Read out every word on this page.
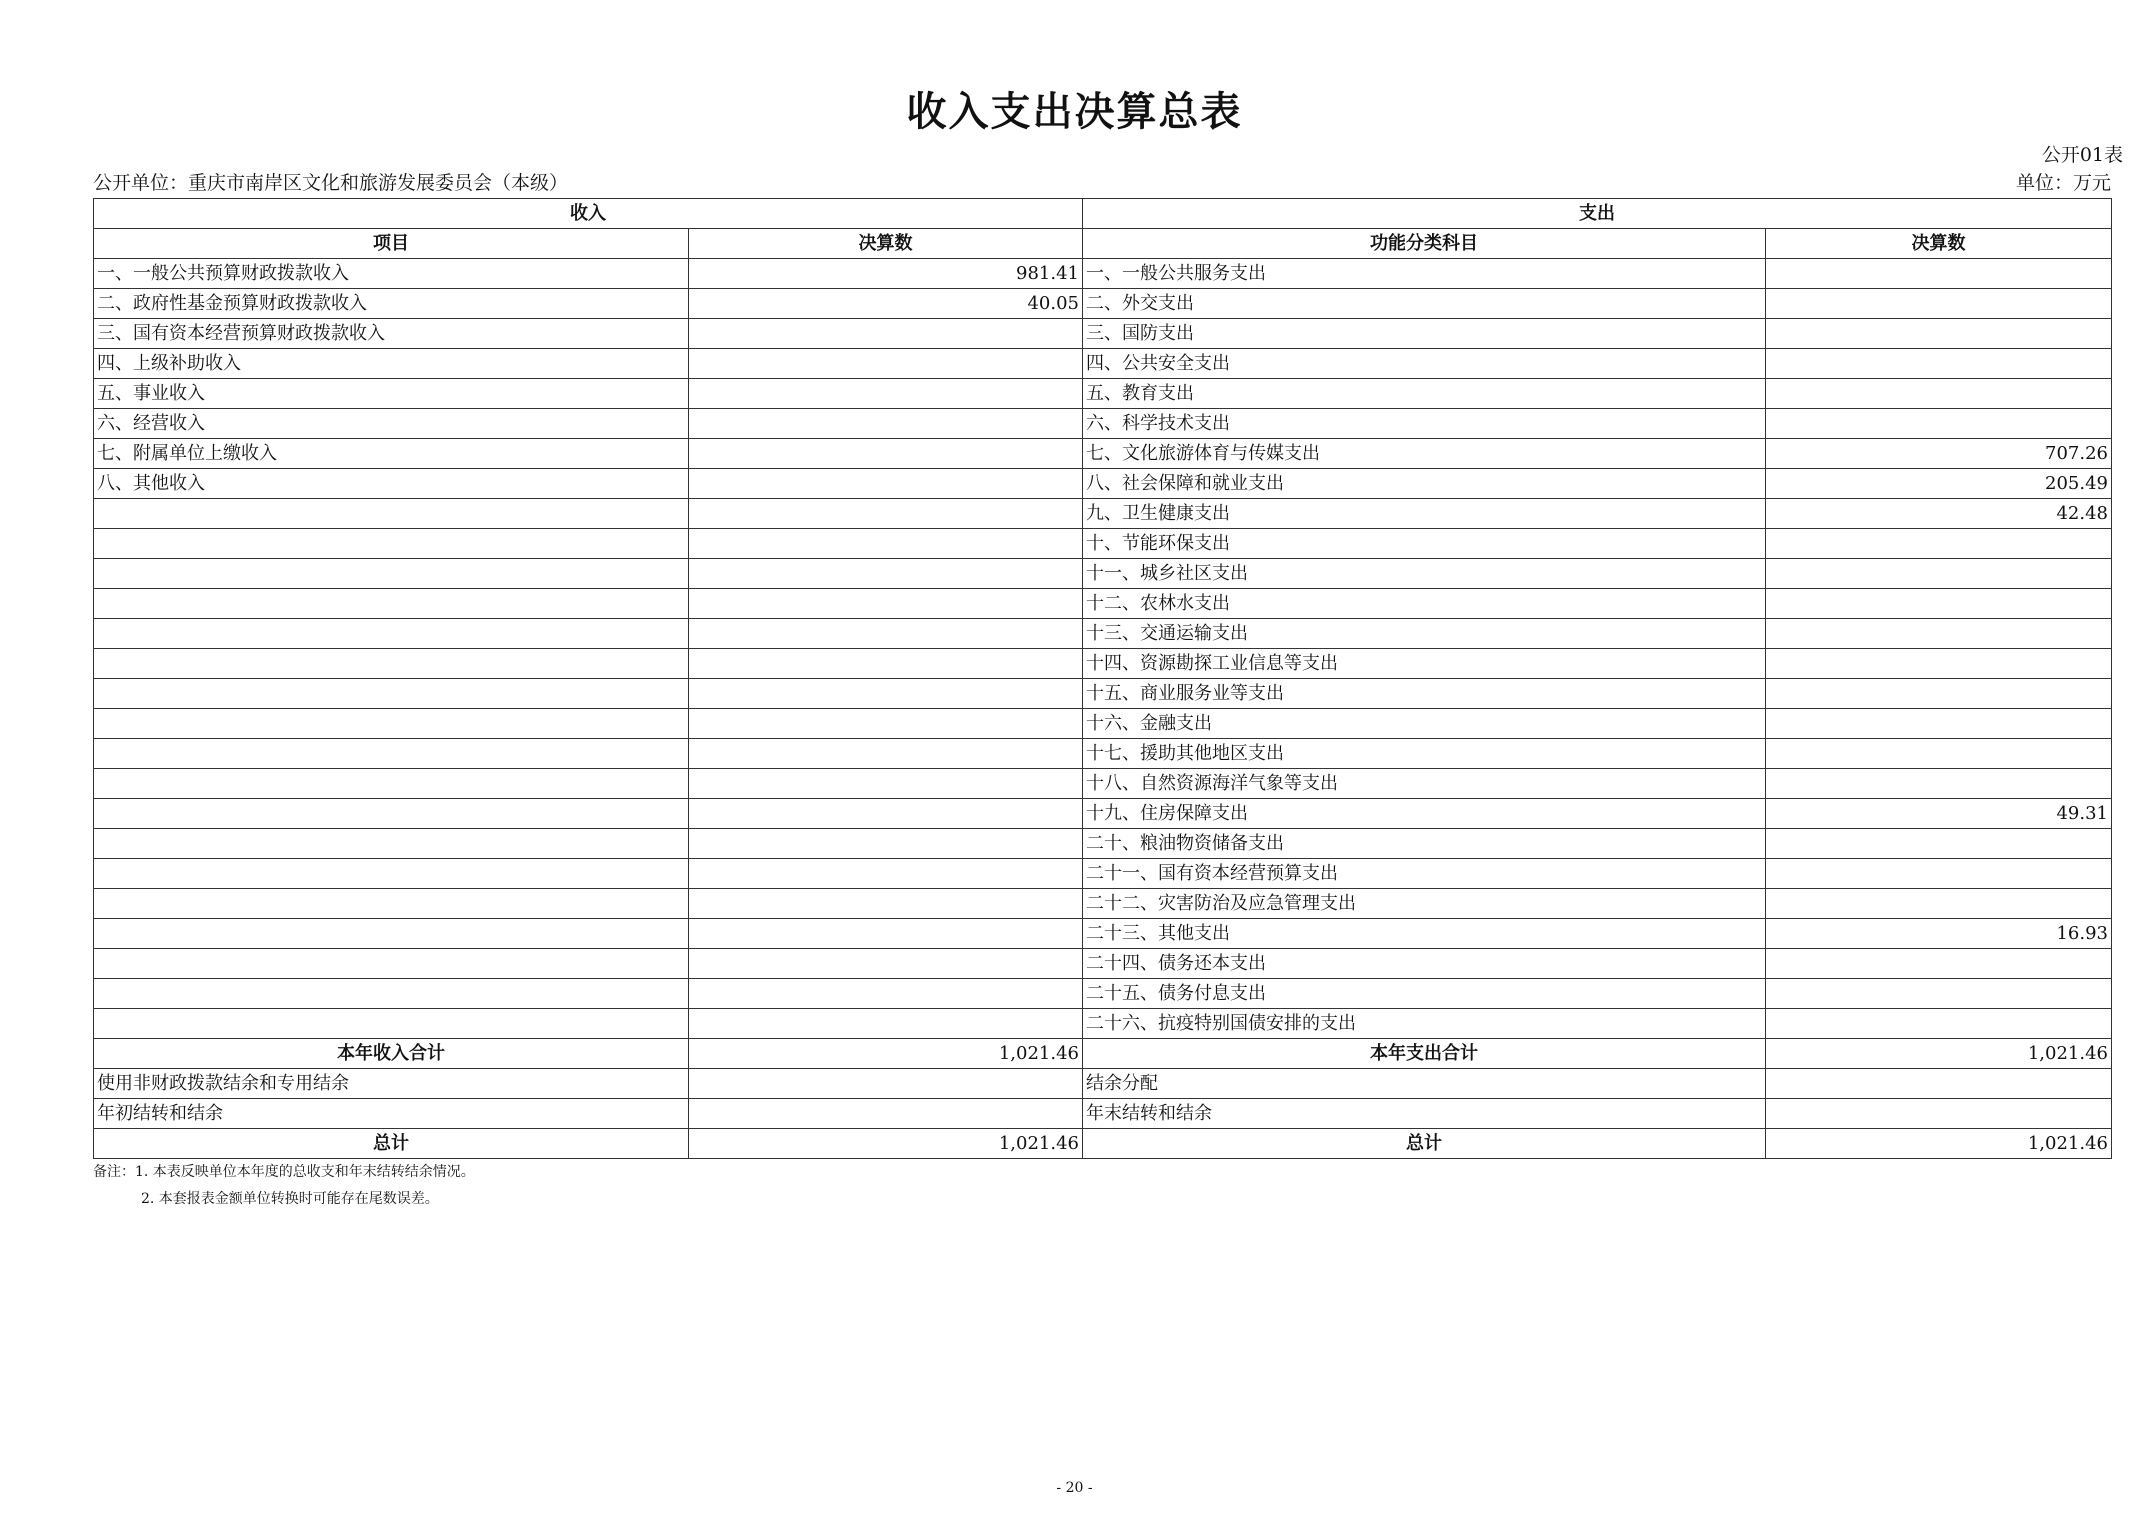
收入支出决算总表
公开01表
公开单位：重庆市南岸区文化和旅游发展委员会（本级）	单位：万元
收入		支出	
项目	决算数	功能分类科目	决算数
一、一般公共预算财政拨款收入	981.41	一、一般公共服务支出	
二、政府性基金预算财政拨款收入	40.05	二、外交支出	
三、国有资本经营预算财政拨款收入		三、国防支出	
四、上级补助收入		四、公共安全支出	
五、事业收入		五、教育支出	
六、经营收入		六、科学技术支出	
七、附属单位上缴收入		七、文化旅游体育与传媒支出	707.26
八、其他收入		八、社会保障和就业支出	205.49
		九、卫生健康支出	42.48
		十、节能环保支出	
		十一、城乡社区支出	
		十二、农林水支出	
		十三、交通运输支出	
		十四、资源勘探工业信息等支出	
		十五、商业服务业等支出	
		十六、金融支出	
		十七、援助其他地区支出	
		十八、自然资源海洋气象等支出	
		十九、住房保障支出	49.31
		二十、粮油物资储备支出	
		二十一、国有资本经营预算支出	
		二十二、灾害防治及应急管理支出	
		二十三、其他支出	16.93
		二十四、债务还本支出	
		二十五、债务付息支出	
		二十六、抗疫特别国债安排的支出	
本年收入合计	1,021.46	本年支出合计	1,021.46
使用非财政拨款结余和专用结余		结余分配	
年初结转和结余		年末结转和结余	
总计	1,021.46	总计	1,021.46
备注：1. 本表反映单位本年度的总收支和年末结转结余情况。
2. 本套报表金额单位转换时可能存在尾数误差。
- 20 -
